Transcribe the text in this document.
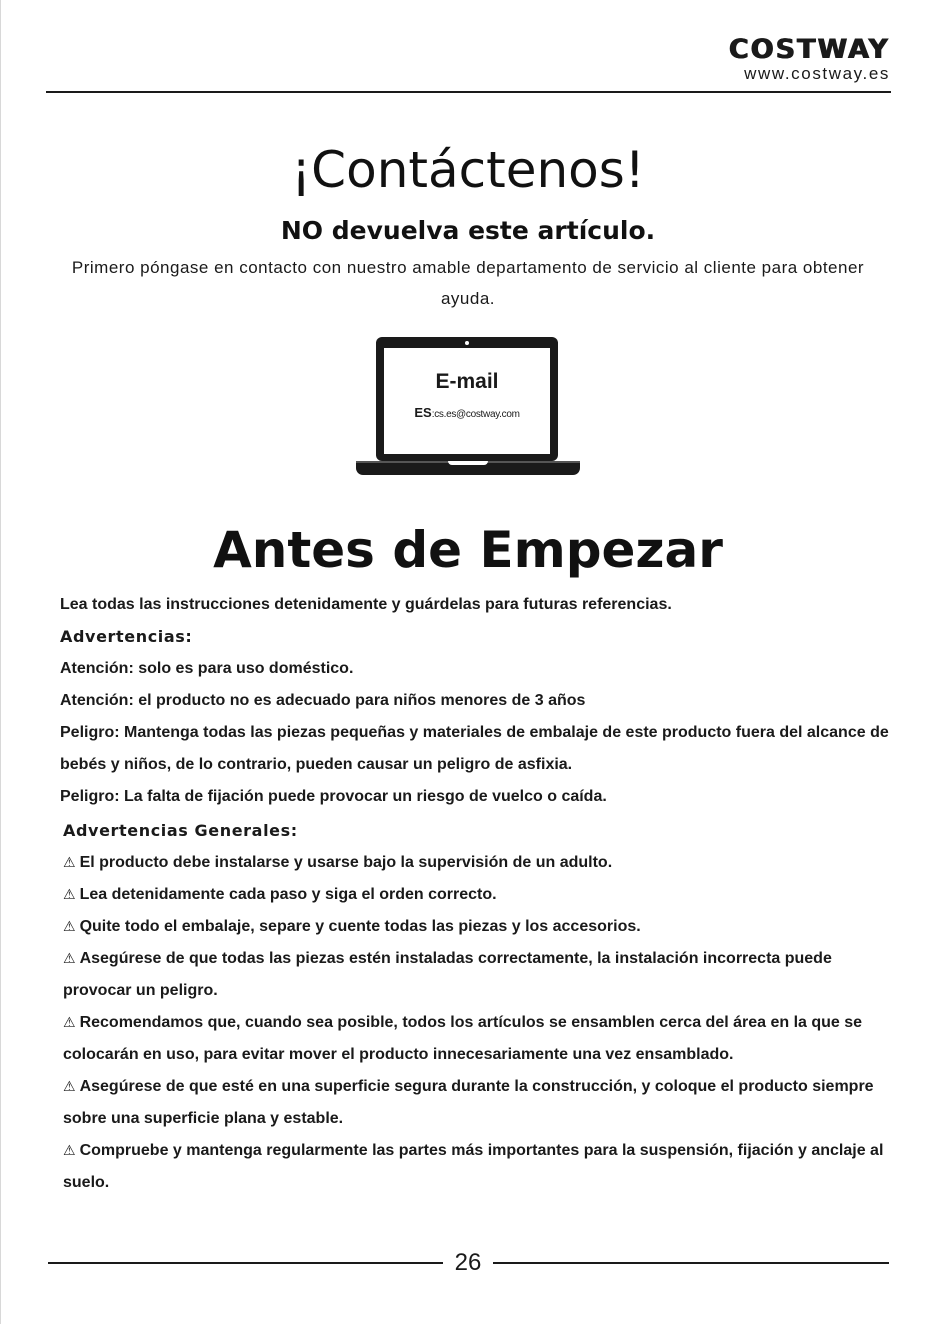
COSTWAY
www.costway.es
¡Contáctenos!
NO devuelva este artículo.
Primero póngase en contacto con nuestro amable departamento de servicio al cliente para obtener ayuda.
E-mail
ES:cs.es@costway.com
Antes de Empezar

Lea todas las instrucciones detenidamente y guárdelas para futuras referencias.

Advertencias:

Atención: solo es para uso doméstico.

Atención: el producto no es adecuado para niños menores de 3 años

Peligro: Mantenga todas las piezas pequeñas y materiales de embalaje de este producto fuera del alcance de bebés y niños, de lo contrario, pueden causar un peligro de asfixia.

Peligro: La falta de fijación puede provocar un riesgo de vuelco o caída.

Advertencias Generales:

⚠ El producto debe instalarse y usarse bajo la supervisión de un adulto.

⚠ Lea detenidamente cada paso y siga el orden correcto.

⚠ Quite todo el embalaje, separe y cuente todas las piezas y los accesorios.

⚠ Asegúrese de que todas las piezas estén instaladas correctamente, la instalación incorrecta puede provocar un peligro.

⚠ Recomendamos que, cuando sea posible, todos los artículos se ensamblen cerca del área en la que se colocarán en uso, para evitar mover el producto innecesariamente una vez ensamblado.

⚠ Asegúrese de que esté en una superficie segura durante la construcción, y coloque el producto siempre sobre una superficie plana y estable.

⚠ Compruebe y mantenga regularmente las partes más importantes para la suspensión, fijación y anclaje al suelo.

26
